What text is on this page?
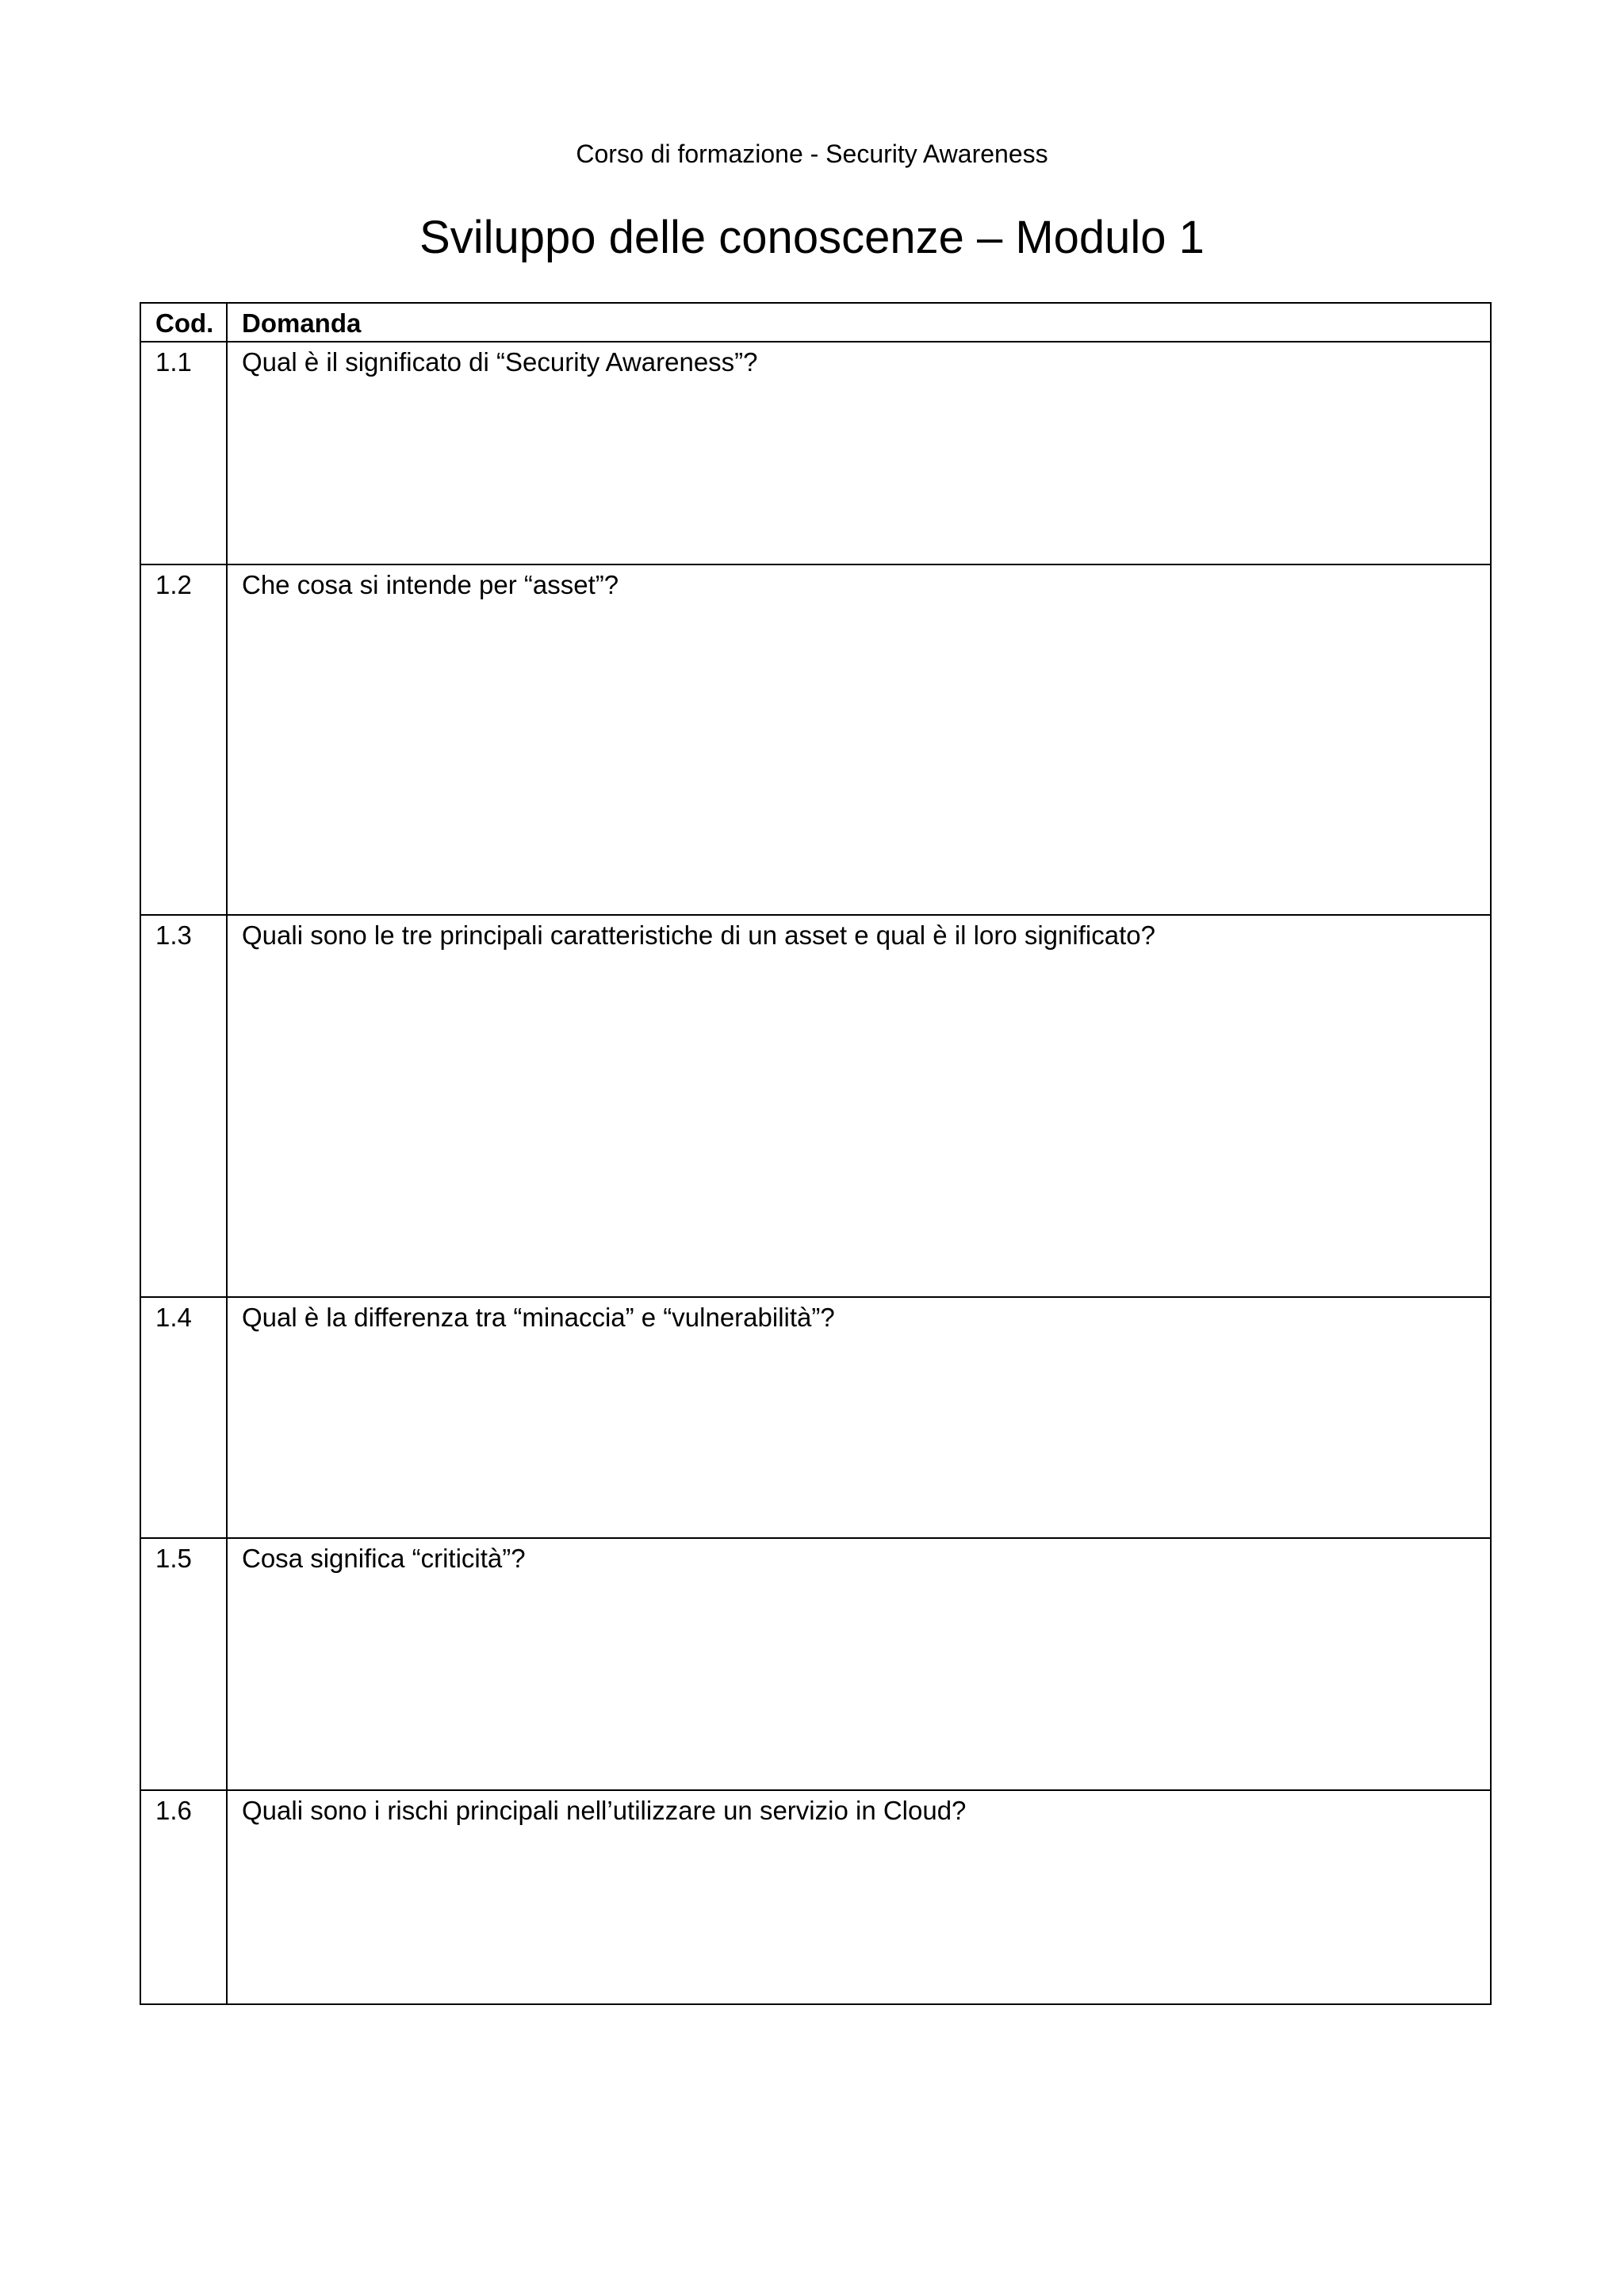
Corso di formazione - Security Awareness
Sviluppo delle conoscenze – Modulo 1
Cod.	Domanda
1.1	Qual è il significato di “Security Awareness”?
1.2	Che cosa si intende per “asset”?
1.3	Quali sono le tre principali caratteristiche di un asset e qual è il loro significato?
1.4	Qual è la differenza tra “minaccia” e “vulnerabilità”?
1.5	Cosa significa “criticità”?
1.6	Quali sono i rischi principali nell’utilizzare un servizio in Cloud?
